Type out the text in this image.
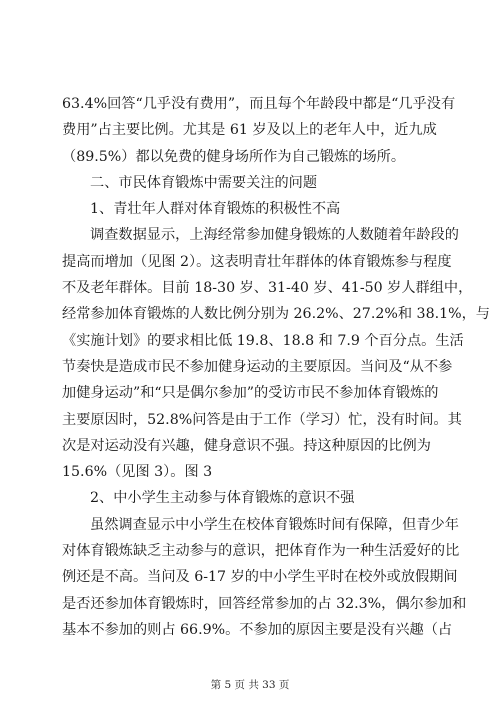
63.4%回答“几乎没有费用”，而且每个年龄段中都是“几乎没有
费用”占主要比例。尤其是 61 岁及以上的老年人中，近九成
（89.5%）都以免费的健身场所作为自己锻炼的场所。
二、市民体育锻炼中需要关注的问题
1、青壮年人群对体育锻炼的积极性不高
调查数据显示，上海经常参加健身锻炼的人数随着年龄段的
提高而增加（见图 2）。这表明青壮年群体的体育锻炼参与程度
不及老年群体。目前 18-30 岁、31-40 岁、41-50 岁人群组中，
经常参加体育锻炼的人数比例分别为 26.2%、27.2%和 38.1%，与
《实施计划》的要求相比低 19.8、18.8 和 7.9 个百分点。生活
节奏快是造成市民不参加健身运动的主要原因。当问及“从不参
加健身运动”和“只是偶尔参加”的受访市民不参加体育锻炼的
主要原因时，52.8%问答是由于工作（学习）忙，没有时间。其
次是对运动没有兴趣，健身意识不强。持这种原因的比例为
15.6%（见图 3）。图 3
2、中小学生主动参与体育锻炼的意识不强
虽然调查显示中小学生在校体育锻炼时间有保障，但青少年
对体育锻炼缺乏主动参与的意识，把体育作为一种生活爱好的比
例还是不高。当问及 6-17 岁的中小学生平时在校外或放假期间
是否还参加体育锻炼时，回答经常参加的占 32.3%，偶尔参加和
基本不参加的则占 66.9%。不参加的原因主要是没有兴趣（占
第 5 页 共 33 页
